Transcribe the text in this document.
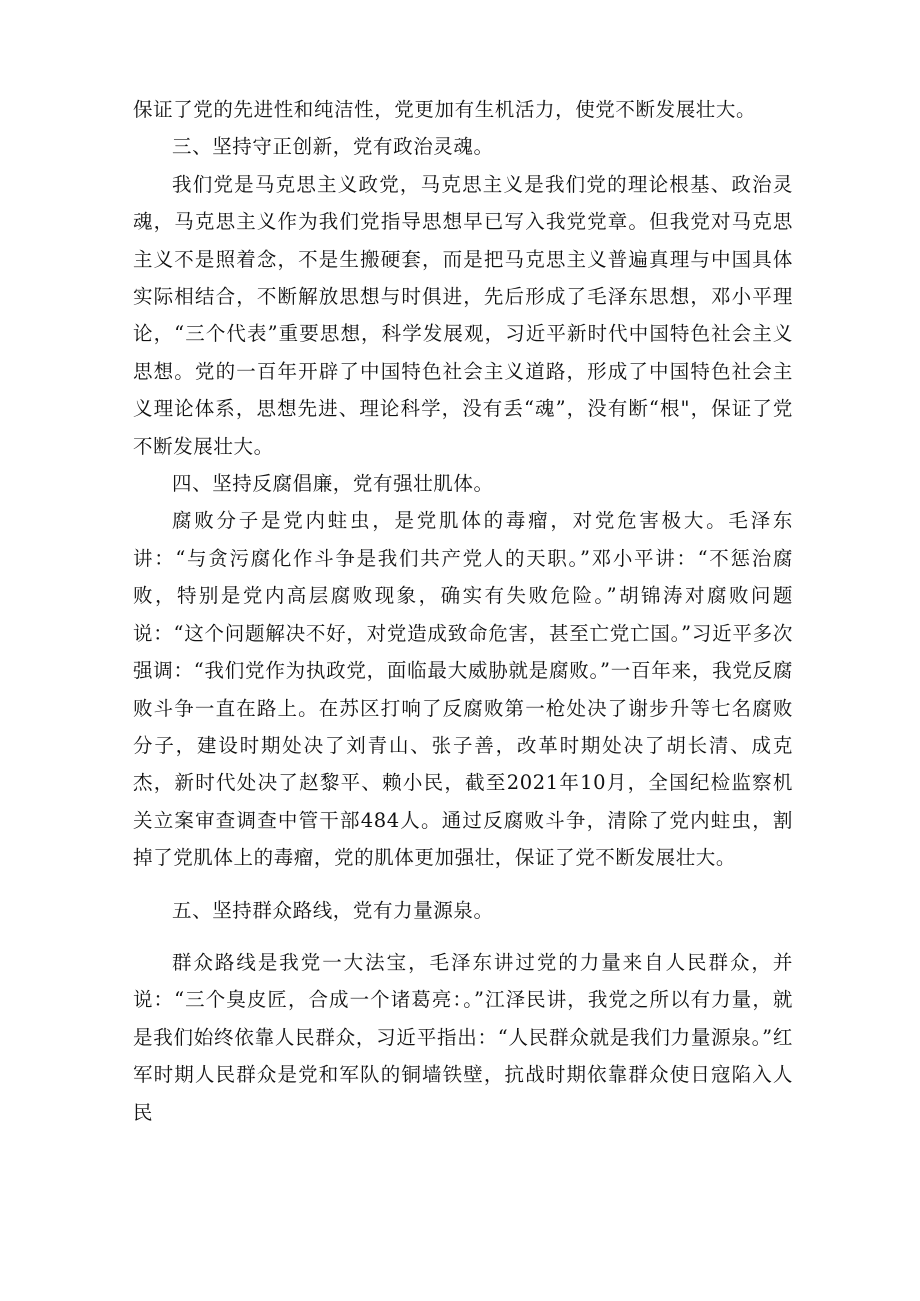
保证了党的先进性和纯洁性，党更加有生机活力，使党不断发展壮大。

三、坚持守正创新，党有政治灵魂。

我们党是马克思主义政党，马克思主义是我们党的理论根基、政治灵魂，马克思主义作为我们党指导思想早已写入我党党章。但我党对马克思主义不是照着念，不是生搬硬套，而是把马克思主义普遍真理与中国具体实际相结合，不断解放思想与时俱进，先后形成了毛泽东思想，邓小平理论，“三个代表”重要思想，科学发展观，习近平新时代中国特色社会主义思想。党的一百年开辟了中国特色社会主义道路，形成了中国特色社会主义理论体系，思想先进、理论科学，没有丢“魂”，没有断“根"，保证了党不断发展壮大。

四、坚持反腐倡廉，党有强壮肌体。

腐败分子是党内蛀虫，是党肌体的毒瘤，对党危害极大。毛泽东讲：“与贪污腐化作斗争是我们共产党人的天职。”邓小平讲：“不惩治腐败，特别是党内高层腐败现象，确实有失败危险。”胡锦涛对腐败问题说：“这个问题解决不好，对党造成致命危害，甚至亡党亡国。”习近平多次强调：“我们党作为执政党，面临最大威胁就是腐败。”一百年来，我党反腐败斗争一直在路上。在苏区打响了反腐败第一枪处决了谢步升等七名腐败分子，建设时期处决了刘青山、张子善，改革时期处决了胡长清、成克杰，新时代处决了赵黎平、赖小民，截至2021年10月，全国纪检监察机关立案审查调查中管干部484人。通过反腐败斗争，清除了党内蛀虫，割掉了党肌体上的毒瘤，党的肌体更加强壮，保证了党不断发展壮大。

五、坚持群众路线，党有力量源泉。

群众路线是我党一大法宝，毛泽东讲过党的力量来自人民群众，并说：“三个臭皮匠，合成一个诸葛亮：。”江泽民讲，我党之所以有力量，就是我们始终依靠人民群众，习近平指出：“人民群众就是我们力量源泉。”红军时期人民群众是党和军队的铜墙铁壁，抗战时期依靠群众使日寇陷入人民
